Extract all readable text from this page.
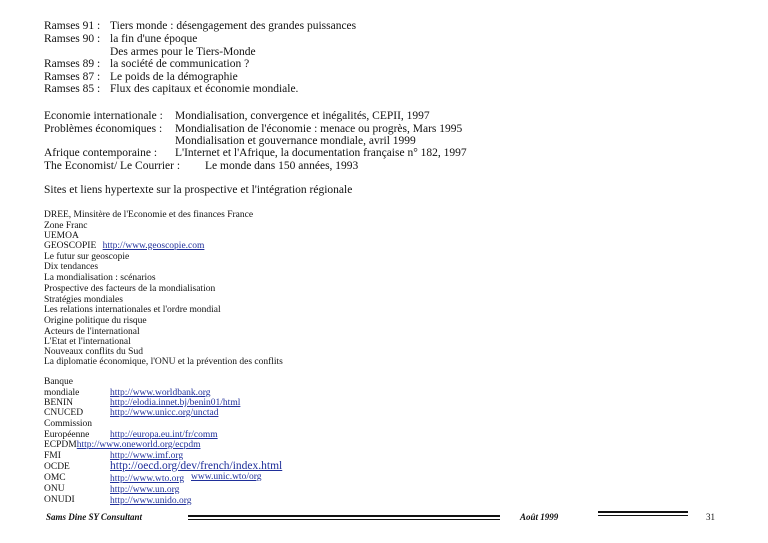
Ramses 91 : Tiers monde : désengagement des grandes puissances
Ramses 90 : la fin d'une époque
Des armes pour le Tiers-Monde
Ramses 89 : la société de communication ?
Ramses 87 : Le poids de la démographie
Ramses 85 : Flux des capitaux et économie mondiale.
Economie internationale : Mondialisation, convergence et inégalités, CEPII, 1997
Problèmes économiques : Mondialisation de l'économie : menace ou progrès, Mars 1995
Mondialisation et gouvernance mondiale, avril 1999
Afrique contemporaine : L'Internet et l'Afrique, la documentation française n° 182, 1997
The Economist/ Le Courrier : Le monde dans 150 années, 1993
Sites et liens hypertexte sur la prospective et l'intégration régionale
DREE, Minsitère de l'Economie et des finances France
Zone Franc
UEMOA
GEOSCOPIE http://www.geoscopie.com
Le futur sur geoscopie
Dix tendances
La mondialisation : scénarios
Prospective des facteurs de la mondialisation
Stratégies mondiales
Les relations internationales et l'ordre mondial
Origine politique du risque
Acteurs de l'international
L'Etat et l'international
Nouveaux conflits du Sud
La diplomatie économique, l'ONU et la prévention des conflits
Banque
mondiale	http://www.worldbank.org
BENIN	http://elodia.innet.bj/benin01/html
CNUCED	http://www.unicc.org/unctad
Commission
Européenne http://europa.eu.int/fr/comm
ECPDMhttp://www.oneworld.org/ecpdm
FMI	http://www.imf.org
OCDE	http://oecd.org/dev/french/index.html
OMC	http://www.wto.org www.unic.wto/org
ONU	http://www.un.org
ONUDI	http://www.unido.org
Sams Dine SY Consultant	Août 1999	31
